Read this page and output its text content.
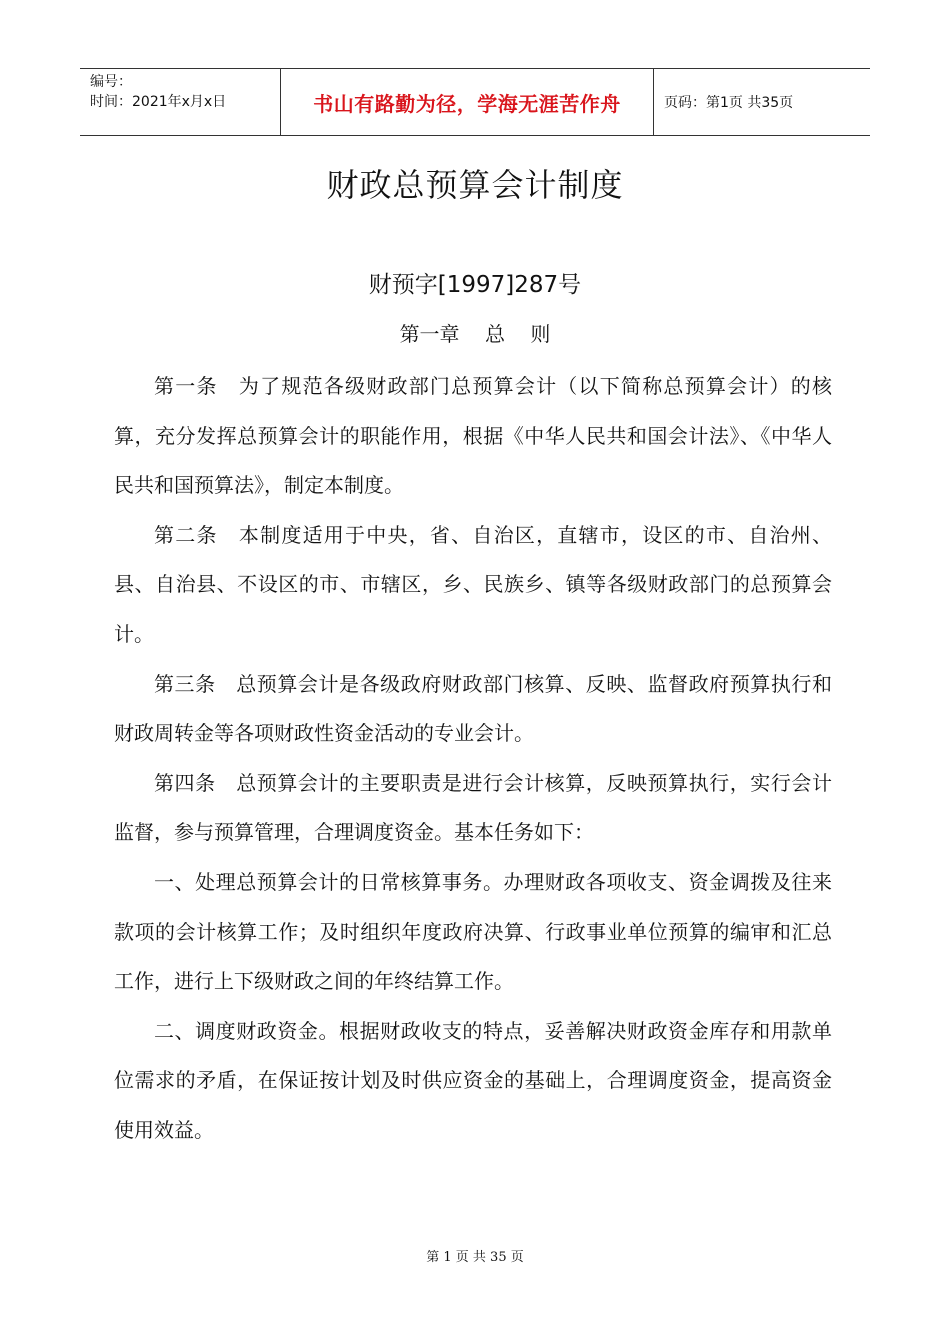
编号：
时间：2021年x月x日	书山有路勤为径，学海无涯苦作舟	页码：第1页 共35页
财政总预算会计制度
财预字[1997]287号
第一章    总    则

第一条　为了规范各级财政部门总预算会计（以下简称总预算会计）的核算，充分发挥总预算会计的职能作用，根据《中华人民共和国会计法》、《中华人民共和国预算法》，制定本制度。

第二条　本制度适用于中央，省、自治区，直辖市，设区的市、自治州、县、自治县、不设区的市、市辖区，乡、民族乡、镇等各级财政部门的总预算会计。

第三条　总预算会计是各级政府财政部门核算、反映、监督政府预算执行和财政周转金等各项财政性资金活动的专业会计。

第四条　总预算会计的主要职责是进行会计核算，反映预算执行，实行会计监督，参与预算管理，合理调度资金。基本任务如下：

一、处理总预算会计的日常核算事务。办理财政各项收支、资金调拨及往来款项的会计核算工作；及时组织年度政府决算、行政事业单位预算的编审和汇总工作，进行上下级财政之间的年终结算工作。

二、调度财政资金。根据财政收支的特点，妥善解决财政资金库存和用款单位需求的矛盾，在保证按计划及时供应资金的基础上，合理调度资金，提高资金使用效益。

第 1 页 共 35 页
